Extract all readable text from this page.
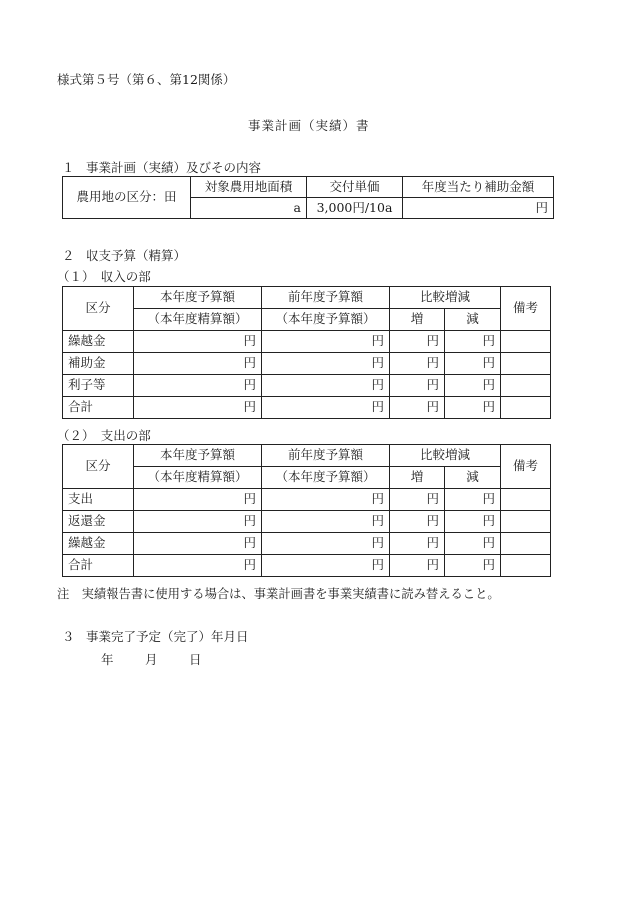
様式第５号（第６、第12関係）
事業計画（実績）書
１ 事業計画（実績）及びその内容
農用地の区分：田	対象農用地面積	交付単価	年度当たり補助金額
	a	3,000円/10a	円
２ 収支予算（精算）
（１）　収入の部
区分	本年度予算額	前年度予算額	比較増減		備考
	（本年度精算額）	（本年度予算額）	増	減	
繰越金	円	円	円	円	
補助金	円	円	円	円	
利子等	円	円	円	円	
合計	円	円	円	円	
（２）　支出の部
区分	本年度予算額	前年度予算額	比較増減		備考
	（本年度精算額）	（本年度予算額）	増	減	
支出	円	円	円	円	
返還金	円	円	円	円	
繰越金	円	円	円	円	
合計	円	円	円	円	
注　実績報告書に使用する場合は、事業計画書を事業実績書に読み替えること。
３ 事業完了予定（完了）年月日
年	月	日
